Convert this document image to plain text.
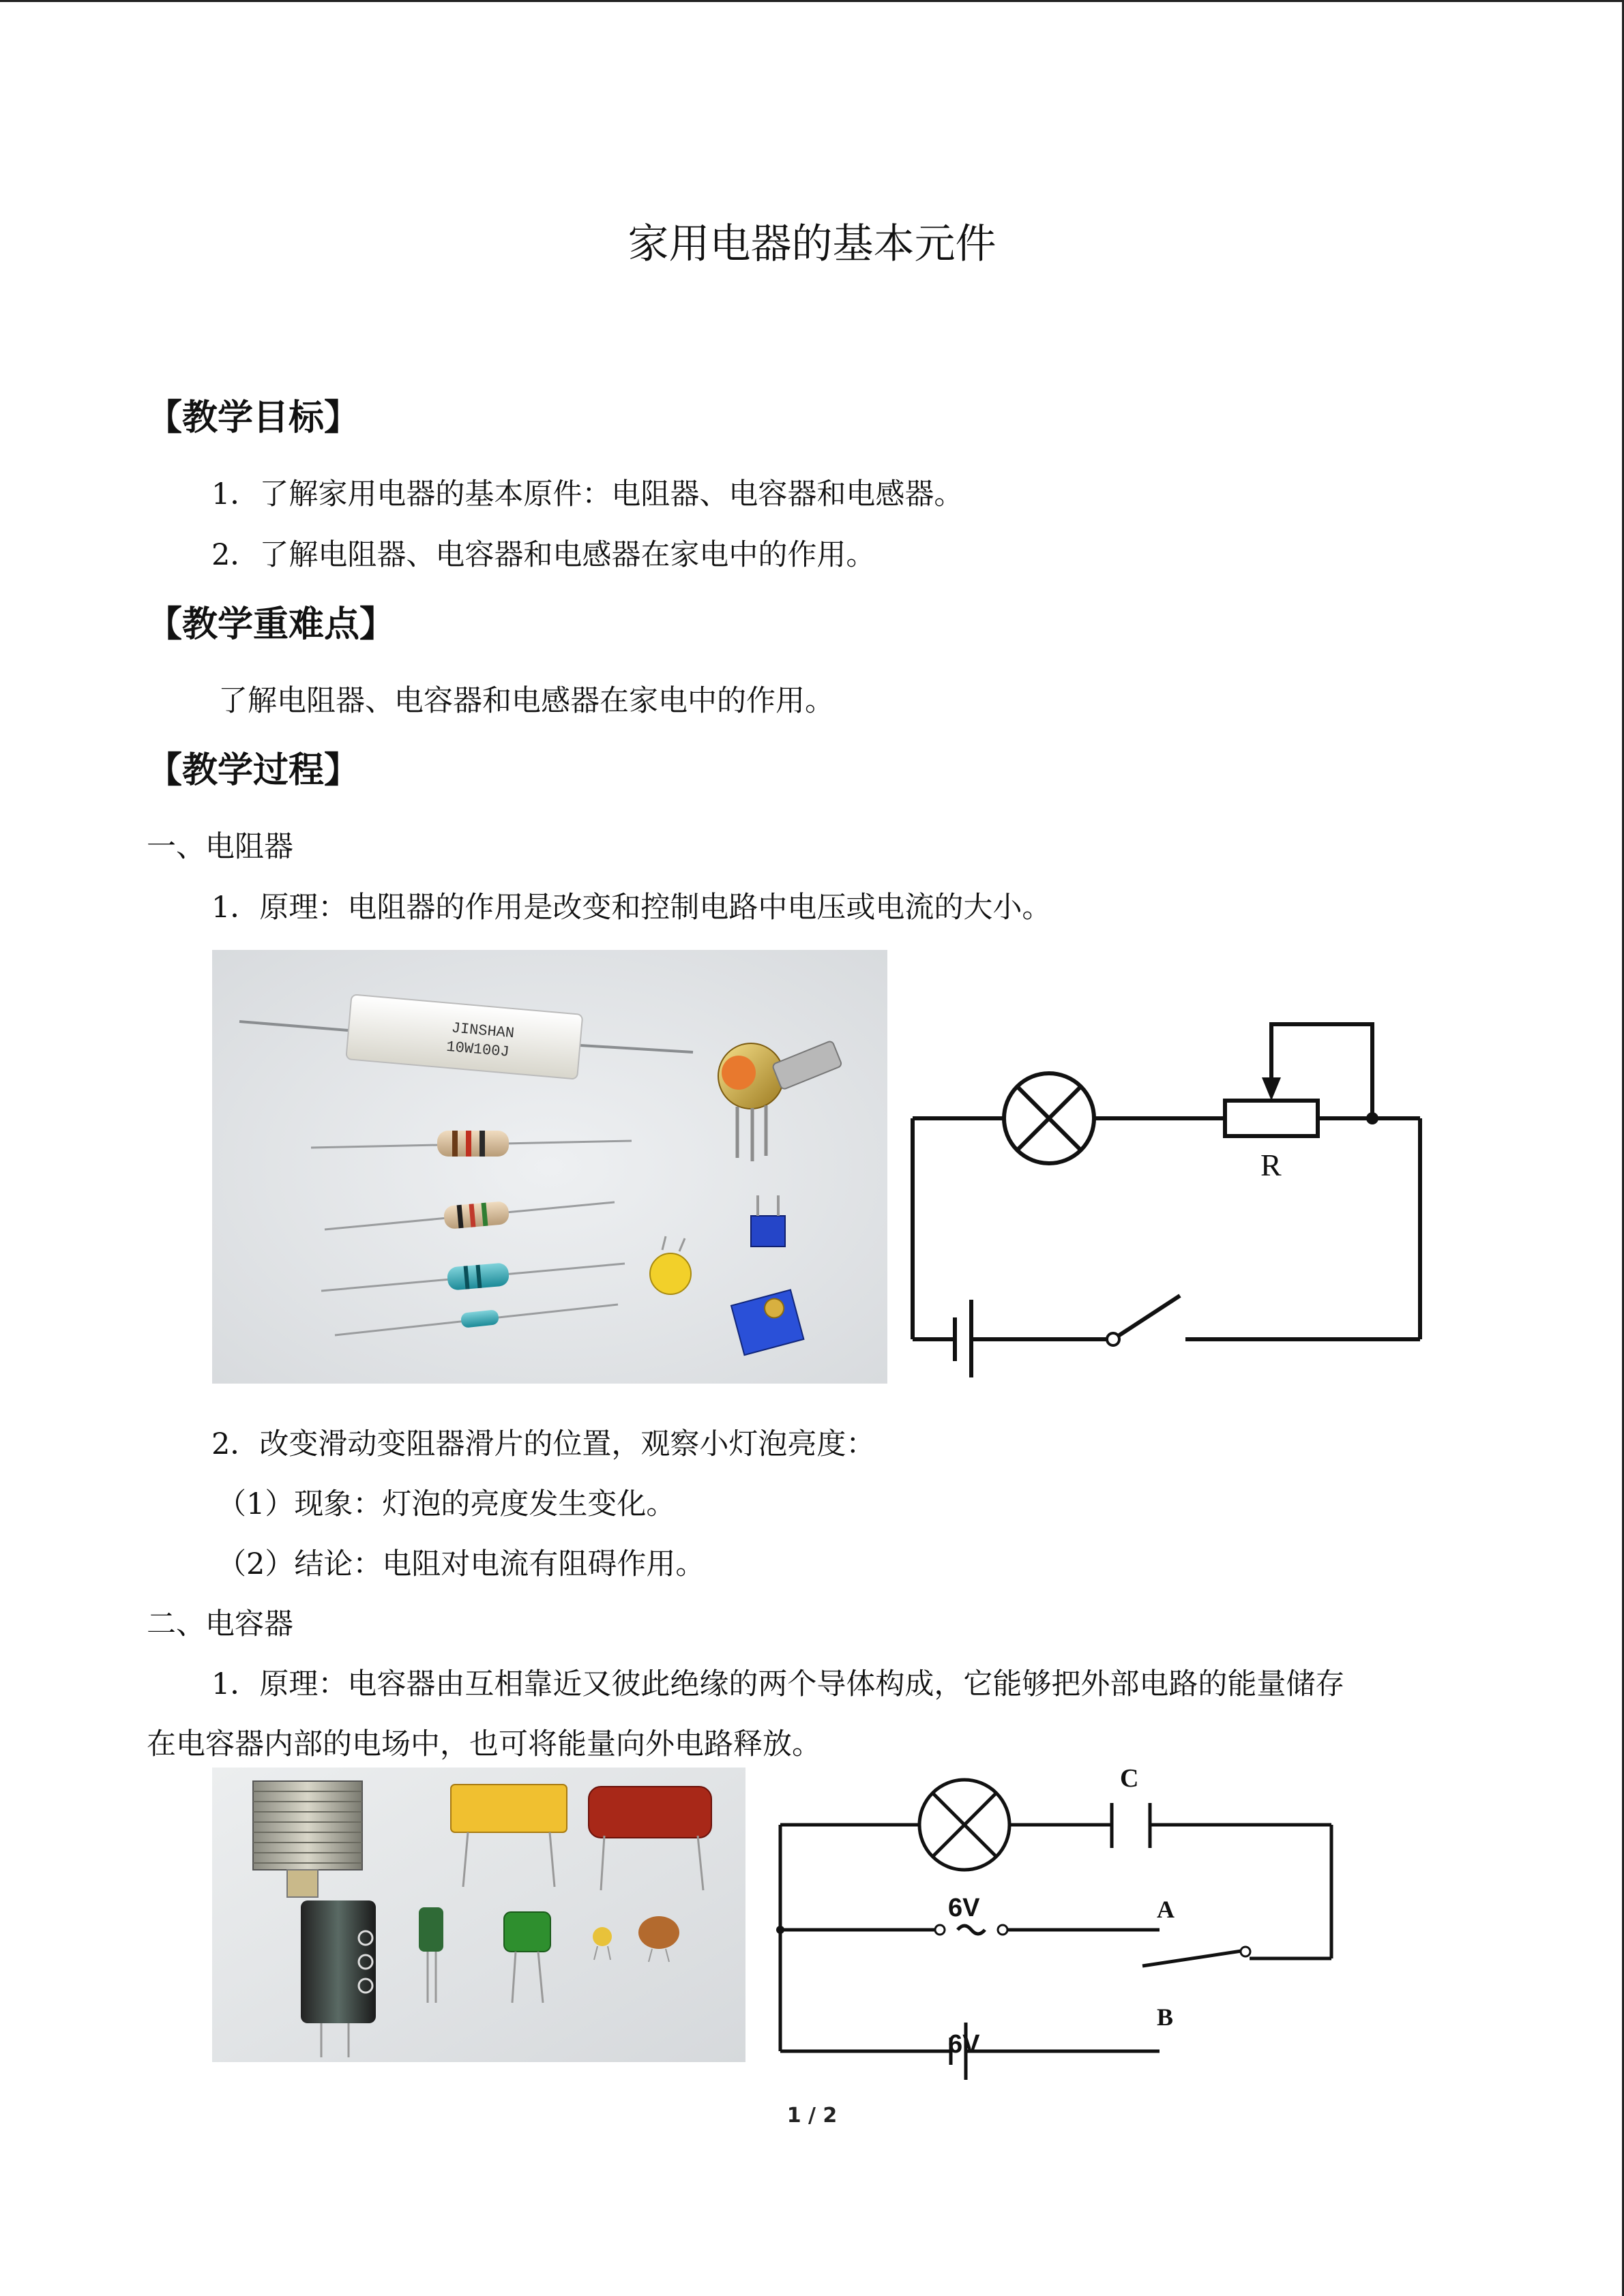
家用电器的基本元件
【教学目标】
1．了解家用电器的基本原件：电阻器、电容器和电感器。
2．了解电阻器、电容器和电感器在家电中的作用。
【教学重难点】
了解电阻器、电容器和电感器在家电中的作用。
【教学过程】
一、电阻器
1．原理：电阻器的作用是改变和控制电路中电压或电流的大小。
JINSHAN
10W100J
R
2．改变滑动变阻器滑片的位置，观察小灯泡亮度：
（1）现象：灯泡的亮度发生变化。
（2）结论：电阻对电流有阻碍作用。
二、电容器
1．原理：电容器由互相靠近又彼此绝缘的两个导体构成，它能够把外部电路的能量储存
在电容器内部的电场中，也可将能量向外电路释放。
C
6V	A
B
6V
1 / 2
